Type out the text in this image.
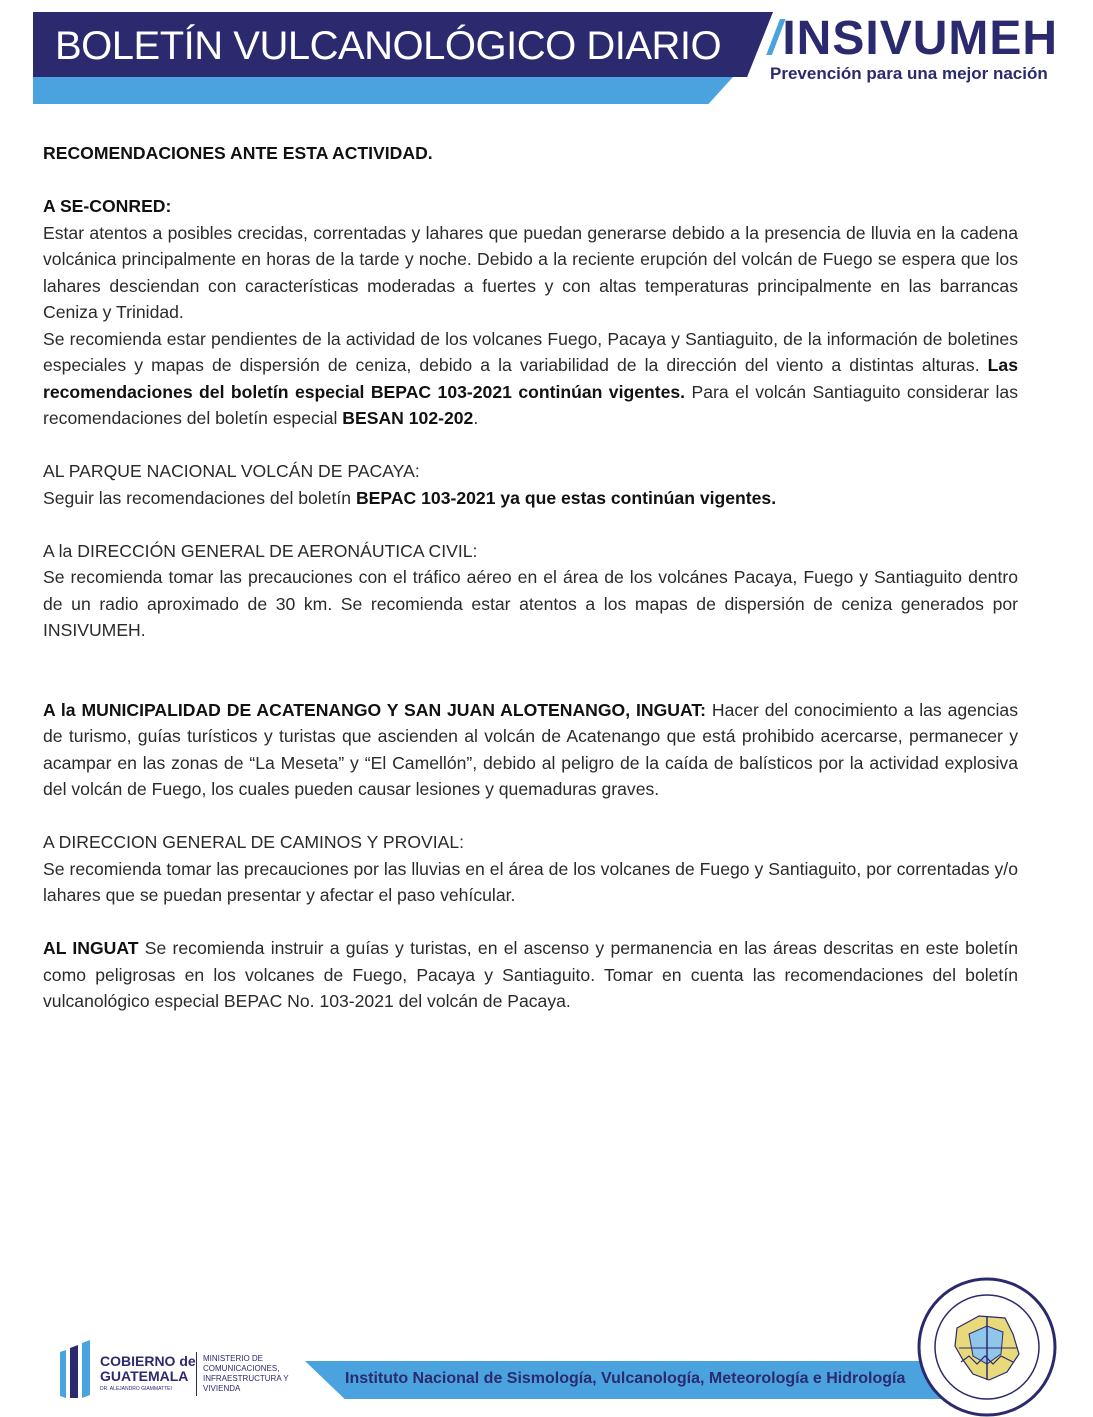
BOLETÍN VULCANOLÓGICO DIARIO /INSIVUMEH
Prevención para una mejor nación

RECOMENDACIONES ANTE ESTA ACTIVIDAD.

A SE-CONRED:

Estar atentos a posibles crecidas, correntadas y lahares que puedan generarse debido a la presencia de lluvia en la cadena volcánica principalmente en horas de la tarde y noche. Debido a la reciente erupción del volcán de Fuego se espera que los lahares desciendan con características moderadas a fuertes y con altas temperaturas principalmente en las barrancas Ceniza y Trinidad.

Se recomienda estar pendientes de la actividad de los volcanes Fuego, Pacaya y Santiaguito, de la información de boletines especiales y mapas de dispersión de ceniza, debido a la variabilidad de la dirección del viento a distintas alturas. Las recomendaciones del boletín especial BEPAC 103-2021 continúan vigentes. Para el volcán Santiaguito considerar las recomendaciones del boletín especial BESAN 102-202.

AL PARQUE NACIONAL VOLCÁN DE PACAYA:

Seguir las recomendaciones del boletín BEPAC 103-2021 ya que estas continúan vigentes.

A la DIRECCIÓN GENERAL DE AERONÁUTICA CIVIL:

Se recomienda tomar las precauciones con el tráfico aéreo en el área de los volcánes Pacaya, Fuego y Santiaguito dentro de un radio aproximado de 30 km. Se recomienda estar atentos a los mapas de dispersión de ceniza generados por INSIVUMEH.

A la MUNICIPALIDAD DE ACATENANGO Y SAN JUAN ALOTENANGO, INGUAT: Hacer del conocimiento a las agencias de turismo, guías turísticos y turistas que ascienden al volcán de Acatenango que está prohibido acercarse, permanecer y acampar en las zonas de “La Meseta” y “El Camellón”, debido al peligro de la caída de balísticos por la actividad explosiva del volcán de Fuego, los cuales pueden causar lesiones y quemaduras graves.

A DIRECCION GENERAL DE CAMINOS Y PROVIAL:

Se recomienda tomar las precauciones por las lluvias en el área de los volcanes de Fuego y Santiaguito, por correntadas y/o lahares que se puedan presentar y afectar el paso vehícular.

AL INGUAT Se recomienda instruir a guías y turistas, en el ascenso y permanencia en las áreas descritas en este boletín como peligrosas en los volcanes de Fuego, Pacaya y Santiaguito. Tomar en cuenta las recomendaciones del boletín vulcanológico especial BEPAC No. 103-2021 del volcán de Pacaya.

COBIERNO de
GUATEMALA
DR. ALEJANDRO GIAMMATTEI
MINISTERIO DE COMUNICACIONES, INFRAESTRUCTURA Y VIVIENDA
Instituto Nacional de Sismología, Vulcanología, Meteorología e Hidrología
